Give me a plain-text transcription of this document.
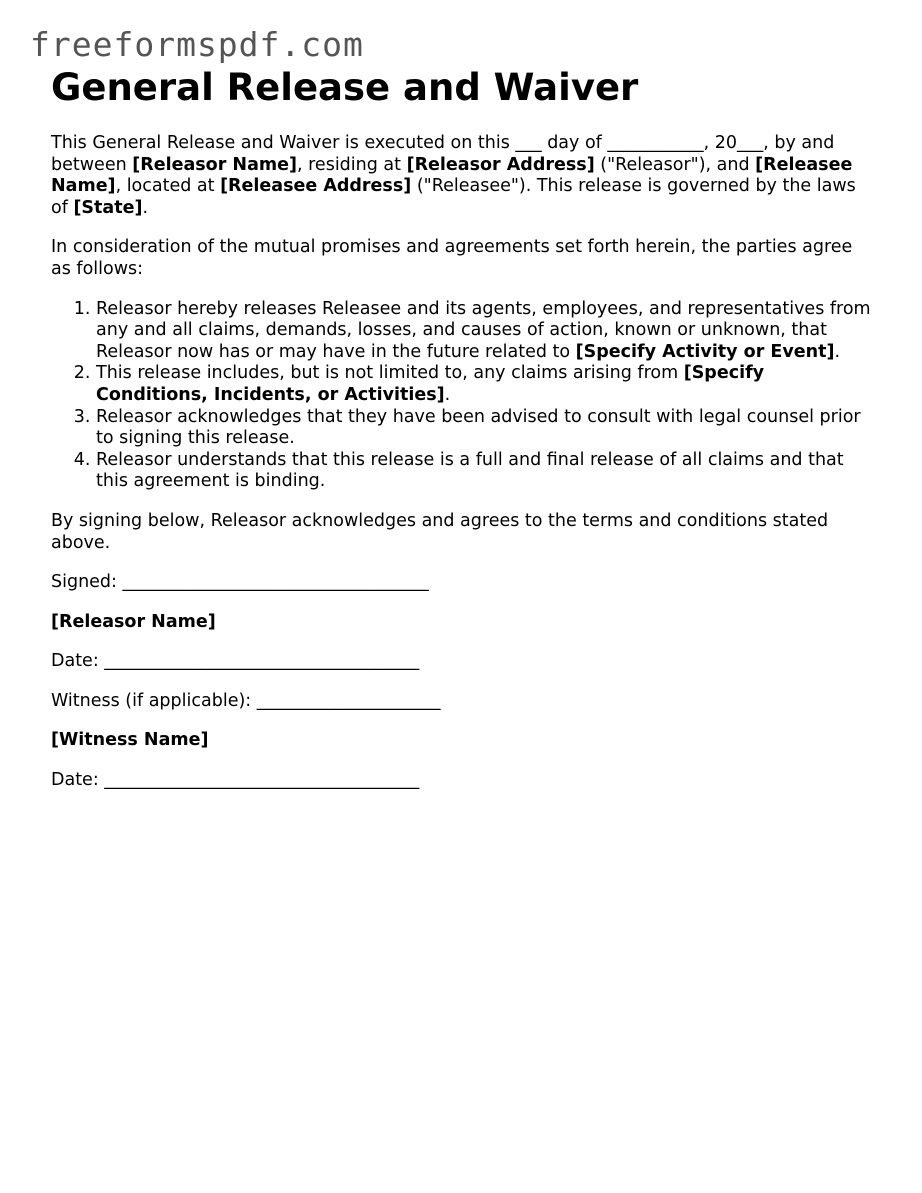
freeformspdf.com
General Release and Waiver

This General Release and Waiver is executed on this ___ day of ___________, 20___, by and between [Releasor Name], residing at [Releasor Address] ("Releasor"), and [Releasee Name], located at [Releasee Address] ("Releasee"). This release is governed by the laws of [State].

In consideration of the mutual promises and agreements set forth herein, the parties agree as follows:

1. Releasor hereby releases Releasee and its agents, employees, and representatives from any and all claims, demands, losses, and causes of action, known or unknown, that Releasor now has or may have in the future related to [Specify Activity or Event].
2. This release includes, but is not limited to, any claims arising from [Specify Conditions, Incidents, or Activities].
3. Releasor acknowledges that they have been advised to consult with legal counsel prior to signing this release.
4. Releasor understands that this release is a full and final release of all claims and that this agreement is binding.

By signing below, Releasor acknowledges and agrees to the terms and conditions stated above.

Signed: ___________________________________

[Releasor Name]

Date: ____________________________________

Witness (if applicable): _____________________

[Witness Name]

Date: ____________________________________
